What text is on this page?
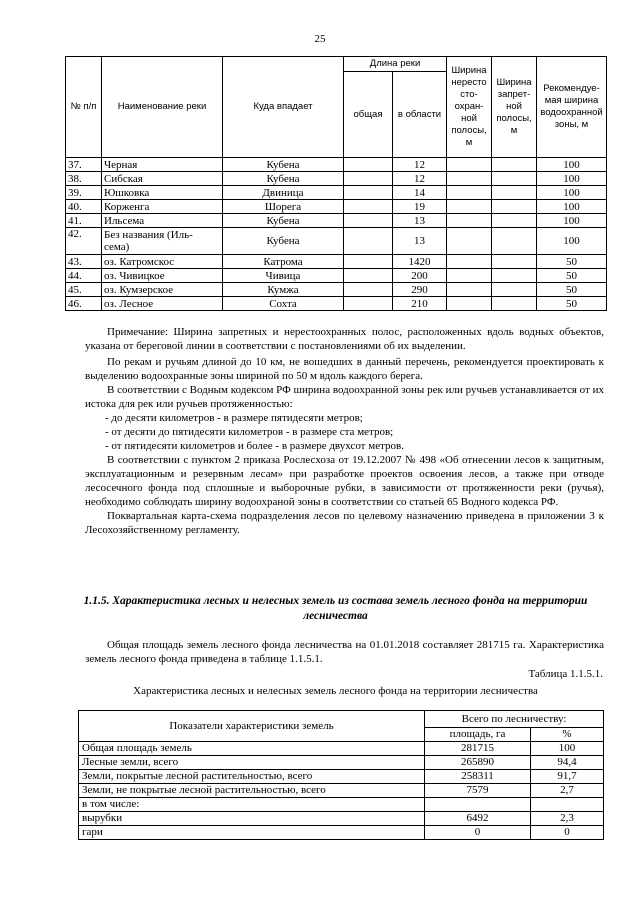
25
№ п/п	Наименование реки	Куда впадает	Длина реки		Ширина нересто сто- охран- ной полосы, м	Ширина запрет- ной полосы, м	Рекомендуе- мая ширина водоохранной зоны, м
			общая	в области			
37.	Черная	Кубена		12			100
38.	Сибская	Кубена		12			100
39.	Юшковка	Двиница		14			100
40.	Корженга	Шорега		19			100
41.	Ильсема	Кубена		13			100
42.	Без названия (Иль- сема)	Кубена		13			100
43.	оз. Катромскос	Катрома		1420			50
44.	оз. Чивицкое	Чивица		200			50
45.	оз. Кумзерское	Кумжа		290			50
46.	оз. Лесное	Сохта		210			50

Примечание: Ширина запретных и нерестоохранных полос, расположенных вдоль водных объектов, указана от береговой линии в соответствии с постановлениями об их выделении.

По рекам и ручьям длиной до 10 км, не вошедших в данный перечень, рекомендуется проектировать к выделению водоохранные зоны шириной по 50 м вдоль каждого берега.

В соответствии с Водным кодексом РФ ширина водоохранной зоны рек или ручьев устанавливается от их истока для рек или ручьев протяженностью:

- до десяти километров - в размере пятидесяти метров;

- от десяти до пятидесяти километров - в размере ста метров;

- от пятидесяти километров и более - в размере двухсот метров.

В соответствии с пунктом 2 приказа Рослесхоза от 19.12.2007 № 498 «Об отнесении лесов к защитным, эксплуатационным и резервным лесам» при разработке проектов освоения лесов, а также при отводе лесосечного фонда под сплошные и выборочные рубки, в зависимости от протяженности реки (ручья), необходимо соблюдать ширину водоохраной зоны в соответствии со статьей 65 Водного кодекса РФ.

Поквартальная карта-схема подразделения лесов по целевому назначению приведена в приложении 3 к Лесохозяйственному регламенту.

1.1.5. Характеристика лесных и нелесных земель из состава земель лесного фонда на территории лесничества

Общая площадь земель лесного фонда лесничества на 01.01.2018 составляет 281715 га. Характеристика земель лесного фонда приведена в таблице 1.1.5.1.

Таблица 1.1.5.1.
Характеристика лесных и нелесных земель лесного фонда на территории лесничества
Показатели характеристики земель	Всего по лесничеству:	
	площадь, га	%
Общая площадь земель	281715	100
Лесные земли, всего	265890	94,4
Земли, покрытые лесной растительностью, всего	258311	91,7
Земли, не покрытые лесной растительностью, всего	7579	2,7
в том числе:		
вырубки	6492	2,3
гари	0	0
